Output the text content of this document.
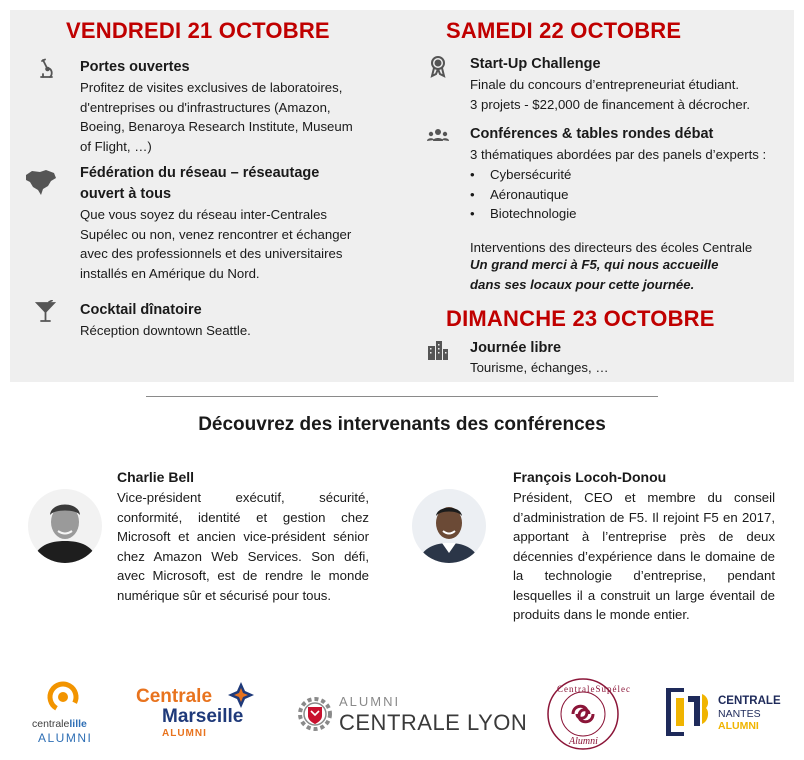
VENDREDI 21 OCTOBRE
Portes ouvertes
Profitez de visites exclusives de laboratoires,
d'entreprises ou d'infrastructures (Amazon,
Boeing, Benaroya Research Institute, Museum
of Flight, …)
Fédération du réseau – réseautage
ouvert à tous
Que vous soyez du réseau inter-Centrales
Supélec ou non, venez rencontrer et échanger
avec des professionnels et des universitaires
installés en Amérique du Nord.
Cocktail dînatoire
Réception downtown Seattle.
SAMEDI 22 OCTOBRE
Start-Up Challenge
Finale du concours d’entrepreneuriat étudiant.
3 projets - $22,000 de financement à décrocher.
Conférences & tables rondes débat
3 thématiques abordées par des panels d’experts :
• Cybersécurité
• Aéronautique
• Biotechnologie
Interventions des directeurs des écoles Centrale
Un grand merci à F5, qui nous accueille
dans ses locaux pour cette journée.
DIMANCHE 23 OCTOBRE
Journée libre
Tourisme, échanges, …
Découvrez des intervenants des conférences
Charlie Bell
Vice-président exécutif, sécurité, conformité, identité et gestion chez Microsoft et ancien vice-président sénior chez Amazon Web Services. Son défi, avec Microsoft, est de rendre le monde numérique sûr et sécurisé pour tous.
François Locoh-Donou
Président, CEO et membre du conseil d’administration de F5. Il rejoint F5 en 2017, apportant à l’entreprise près de deux décennies d’expérience dans le domaine de la technologie d’entreprise, pendant lesquelles il a construit un large éventail de produits dans le monde entier.
centralelille
ALUMNI
Centrale
Marseille
ALUMNI
ALUMNI
CENTRALE LYON
CentraleSupélec
Alumni
CENTRALE
NANTES
ALUMNI
